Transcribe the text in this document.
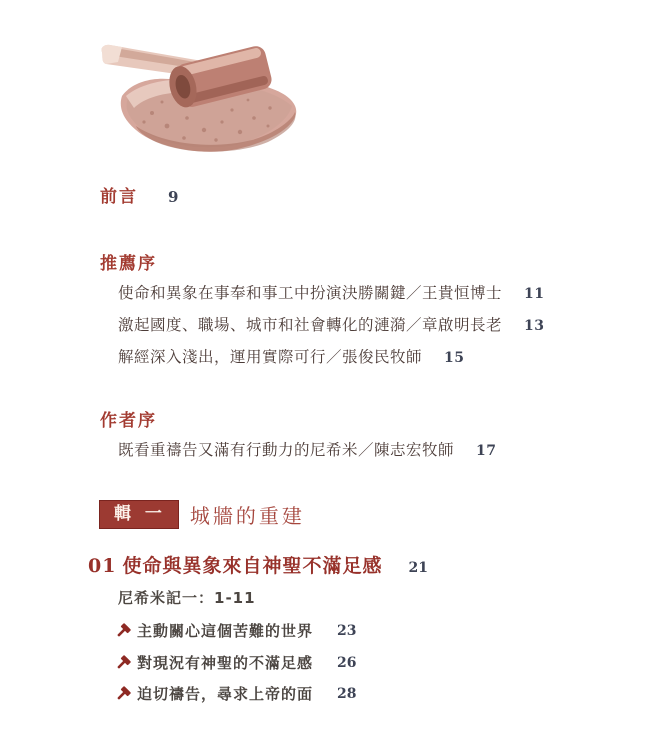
前言 9
推薦序
使命和異象在事奉和事工中扮演決勝關鍵／王貴恒博士 11
激起國度、職場、城市和社會轉化的漣漪／章啟明長老 13
解經深入淺出，運用實際可行／張俊民牧師 15
作者序
既看重禱告又滿有行動力的尼希米／陳志宏牧師 17
輯 一	城牆的重建
01 使命與異象來自神聖不滿足感 21
尼希米記一：1-11
主動關心這個苦難的世界 23
對現況有神聖的不滿足感 26
迫切禱告，尋求上帝的面 28
